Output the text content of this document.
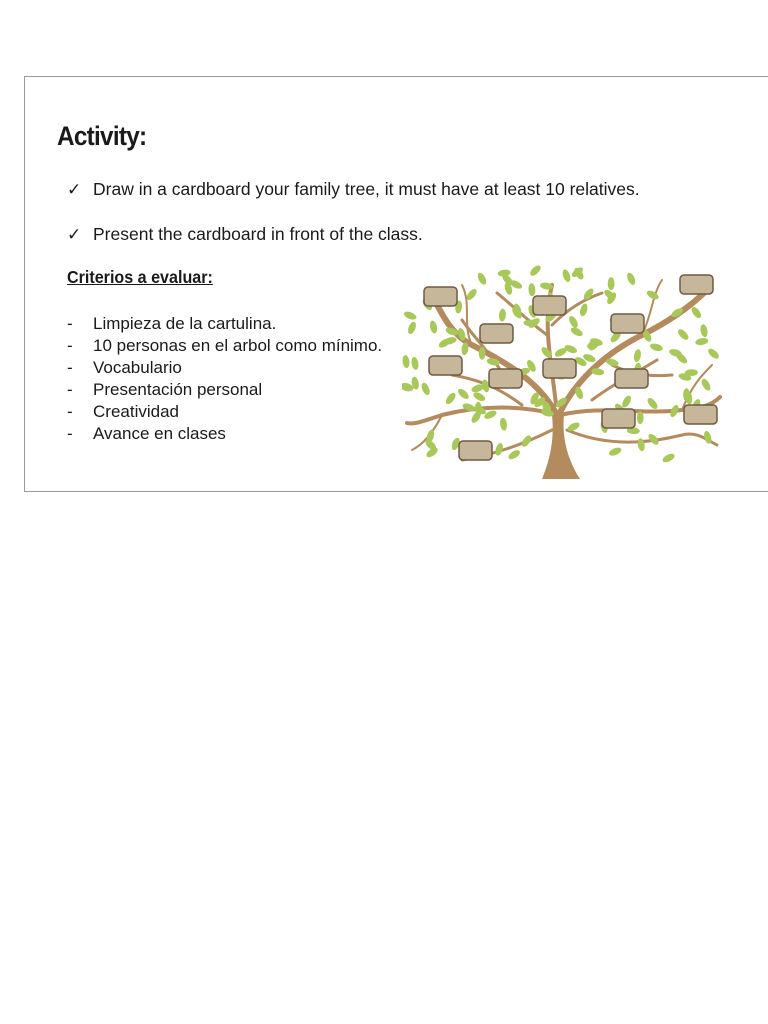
Activity:
✓ Draw in a cardboard your family tree, it must have at least 10 relatives.
✓ Present the cardboard in front of the class.
Criterios a evaluar:
-	Limpieza de la cartulina.
-	10 personas en el arbol como mínimo.
-	Vocabulario
-	Presentación personal
-	Creatividad
-	Avance en clases
